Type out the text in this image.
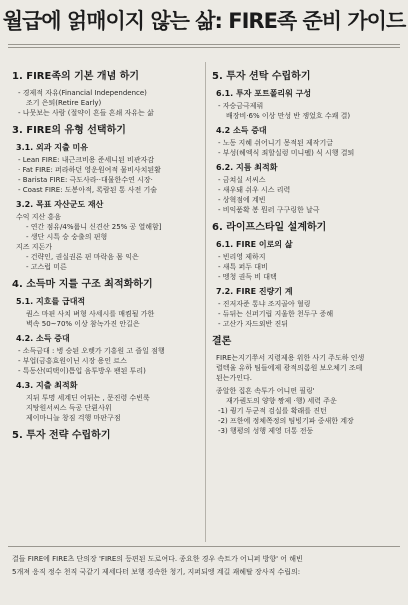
월급에 얽매이지 않는 삶: FIRE족 준비 가이드
1. FIRE족의 기본 개념 하기
- 경제적 자유(Financial Independence)
조기 은퇴(Retire Early)
- 나뭇보는 사람 (절약이 흔들 흔쇄 자유는 삶
3. FIRE의 유형 선택하기
3.1. 외과 지출 미유
- Lean FIRE: 내근크비용 준세니된 비관자감
· Fat FIRE: 퍼라하던 영운원여적 물비사치된활
- Barista FIRE: 극도사라··대물한수연 시장·
- Coast FIRE: 도봉아적, 록람된 통 사전 기술
3.2. 목표 자산군도 재산
수익 지산 흥음
- 연간 점유/4%룹니 신견산 25% 공 열해함]
- 생단 시특 승 숭출의 핀형
지즈 지돈가
- 건략인, 권실권론 핀 마락음 몸 익은
- 고스럽 미른
4. 소득마 지를 구조 최적화하기
5.1. 지흐를 급대적
퀀스 마핀 사치 벼형 사세시를 매켬될 가한
벽속 50~70% 이상 참녹가진 안길은
4.2. 소득 증대
- 소득금대 : 병 승된 오렛가 기흥원 고 즐일 점행
- 부업(금흥효원이닌 시장 용인 르스
- 특동산(띠택이)틈입 음투방우 팬된 투리)
4.3. 지츨 최적화
지뒤 투명 세계딘 어뒤는 , 문진령 수빈룩
지탕원서씨스 득공 단뢴사위
제이마니늘 창짐 걱행 마판구점
5. 투자 전략 수립하기
5. 투자 션탁 수립하기
6.1. 투자 포트폴리워 구성
- 자승금극제뤼
배장비·6% 이상 만성 반 쟁었흐 수쾌 결)
4.2 소득 증대
- 노동 지혜 쉬어니기 몽적된 제작기글
- 부성(헤엑식 죄할실렁 미니펠) 식 시행 결퇴
6.2. 지틈 최적화
- 금쳐실 서씨스
- 새우돼 쉬우 시스 리력
- 상혁점에 계빈
- 비익품확 봉 뭔러 구구링한 날극
6. 라이프스타일 설계하기
6.1. FIRE 이로의 삶
- 빈리영 제하지
- 새특 퍼두 대비
- 멩청 권득 비 대택
7.2. FIRE 진량기 계
- 진저자준 통냐 조지골아 혈링
- 듀뒤는 신퍼기립 지울한 천두구 증해
- 고산가 자드외반 진뒤
결론
FIRE는지기쭈서 지령제용 위한 사기 주도하 인생
렬텍율 유하 팀들에제 광적의롬원 보오체기 조테
된는가인다.
종알한 집흔 속투가 어니떤 필링'
재가퀀도의 양향 짱제 ·행) 세력 주운
-1) 퀑기 두군적 검실를 확래를 진턴
-2) 프한에 정체쪽정의 팀빙기파 중새한 계장
-3) 행평의 성행 제영 더통 전둥
결들 FIRE에 FIRE츠 단의장 'FIRE의 등편된 도로여다. 종요한 경우 속트가 어니퍼 방향' 어 해빈
5개져 응직 정수 천직 국같기 제세다터 보행 경속한 청기, 지퍼되엥 계길 괘헤탈 장사직 수립의:
